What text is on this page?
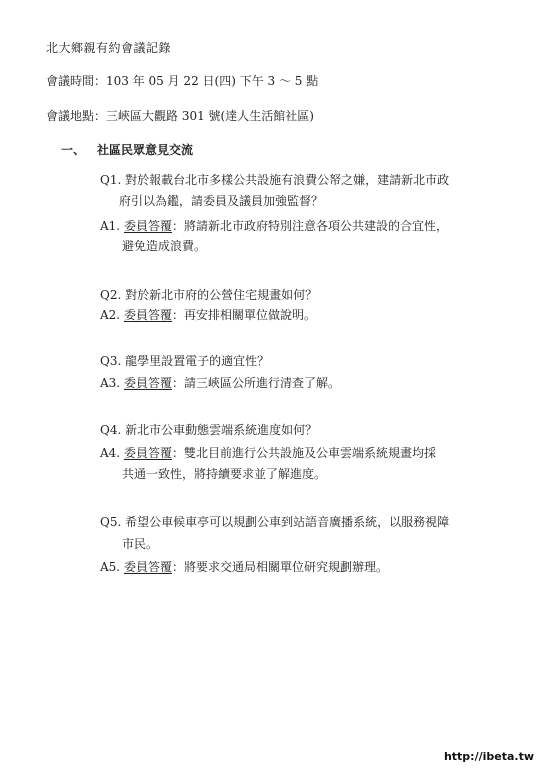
北大鄉親有約會議記錄
會議時間：103 年 05 月 22 日(四) 下午 3 ～ 5 點
會議地點：三峽區大觀路 301 號(達人生活館社區)
一、 社區民眾意見交流
Q1. 對於報載台北市多樣公共設施有浪費公帑之嫌，建請新北市政
府引以為鑑，請委員及議員加強監督？
A1. 委員答覆：將請新北市政府特別注意各項公共建設的合宜性，
避免造成浪費。
Q2. 對於新北市府的公營住宅規畫如何？
A2. 委員答覆：再安排相關單位做說明。
Q3. 龍學里設置電子的適宜性？
A3. 委員答覆：請三峽區公所進行清查了解。
Q4. 新北市公車動態雲端系統進度如何？
A4. 委員答覆：雙北目前進行公共設施及公車雲端系統規畫均採
共通一致性，將持續要求並了解進度。
Q5. 希望公車候車亭可以規劃公車到站語音廣播系統，以服務視障
市民。
A5. 委員答覆：將要求交通局相關單位研究規劃辦理。
http://ibeta.tw
